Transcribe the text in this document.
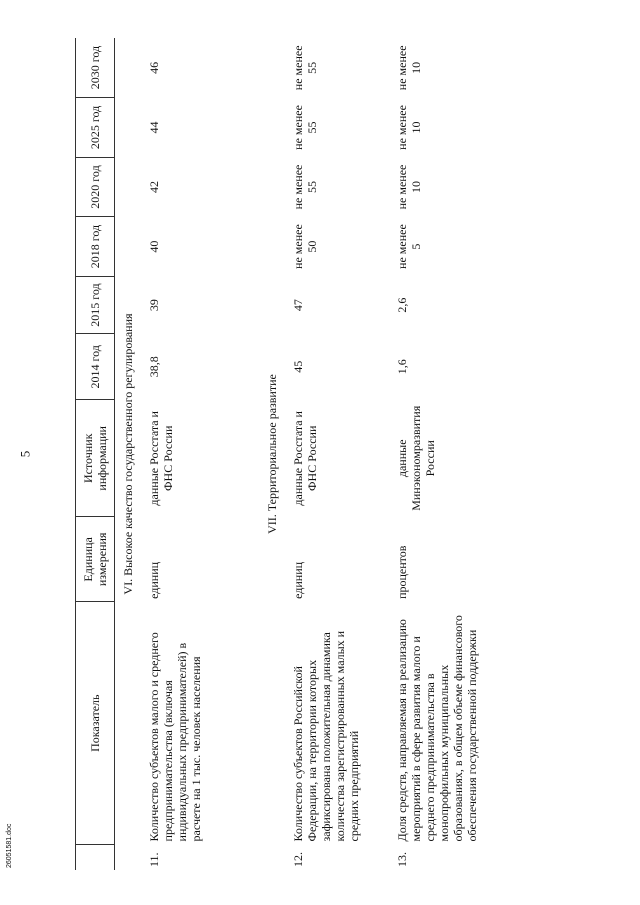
5
26051581.doc
	Показатель	Единица измерения	Источник информации	2014 год	2015 год	2018 год	2020 год	2025 год	2030 год
VI. Высокое качество государственного регулирования									
11.	Количество субъектов малого и среднего предпринимательства (включая индивидуальных предпринимателей) в расчете на 1 тыс. человек населения	единиц	данные Росстата и ФНС России	38,8	39	40	42	44	46
VII. Территориальное развитие									
12.	Количество субъектов Российской Федерации, на территории которых зафиксирована положительная динамика количества зарегистрированных малых и средних предприятий	единиц	данные Росстата и ФНС России	45	47	не менее 50	не менее 55	не менее 55	не менее 55
13.	Доля средств, направляемая на реализацию мероприятий в сфере развития малого и среднего предпринимательства в монопрофильных муниципальных образованиях, в общем объеме финансового обеспечения государственной поддержки	процентов	данные Минэкономразвития России	1,6	2,6	не менее 5	не менее 10	не менее 10	не менее 10
